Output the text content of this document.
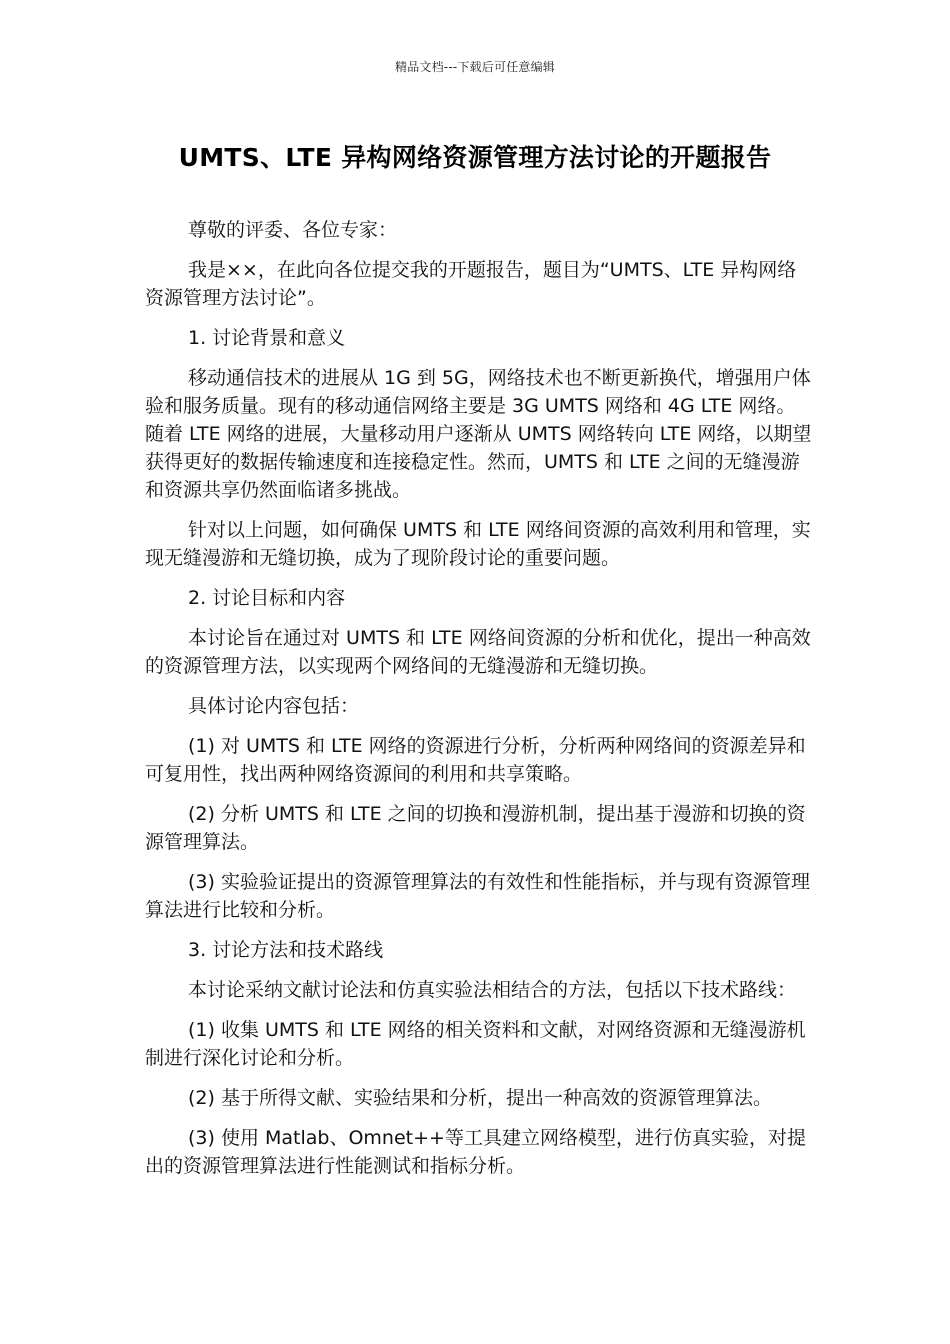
精品文档---下载后可任意编辑
UMTS、LTE 异构网络资源管理方法讨论的开题报告

尊敬的评委、各位专家：

我是××，在此向各位提交我的开题报告，题目为“UMTS、LTE 异构网络资源管理方法讨论”。

1. 讨论背景和意义

移动通信技术的进展从 1G 到 5G，网络技术也不断更新换代，增强用户体验和服务质量。现有的移动通信网络主要是 3G UMTS 网络和 4G LTE 网络。随着 LTE 网络的进展，大量移动用户逐渐从 UMTS 网络转向 LTE 网络，以期望获得更好的数据传输速度和连接稳定性。然而，UMTS 和 LTE 之间的无缝漫游和资源共享仍然面临诸多挑战。

针对以上问题，如何确保 UMTS 和 LTE 网络间资源的高效利用和管理，实现无缝漫游和无缝切换，成为了现阶段讨论的重要问题。

2. 讨论目标和内容

本讨论旨在通过对 UMTS 和 LTE 网络间资源的分析和优化，提出一种高效的资源管理方法，以实现两个网络间的无缝漫游和无缝切换。

具体讨论内容包括：

(1) 对 UMTS 和 LTE 网络的资源进行分析，分析两种网络间的资源差异和可复用性，找出两种网络资源间的利用和共享策略。

(2) 分析 UMTS 和 LTE 之间的切换和漫游机制，提出基于漫游和切换的资源管理算法。

(3) 实验验证提出的资源管理算法的有效性和性能指标，并与现有资源管理算法进行比较和分析。

3. 讨论方法和技术路线

本讨论采纳文献讨论法和仿真实验法相结合的方法，包括以下技术路线：

(1) 收集 UMTS 和 LTE 网络的相关资料和文献，对网络资源和无缝漫游机制进行深化讨论和分析。

(2) 基于所得文献、实验结果和分析，提出一种高效的资源管理算法。

(3) 使用 Matlab、Omnet++等工具建立网络模型，进行仿真实验，对提出的资源管理算法进行性能测试和指标分析。
